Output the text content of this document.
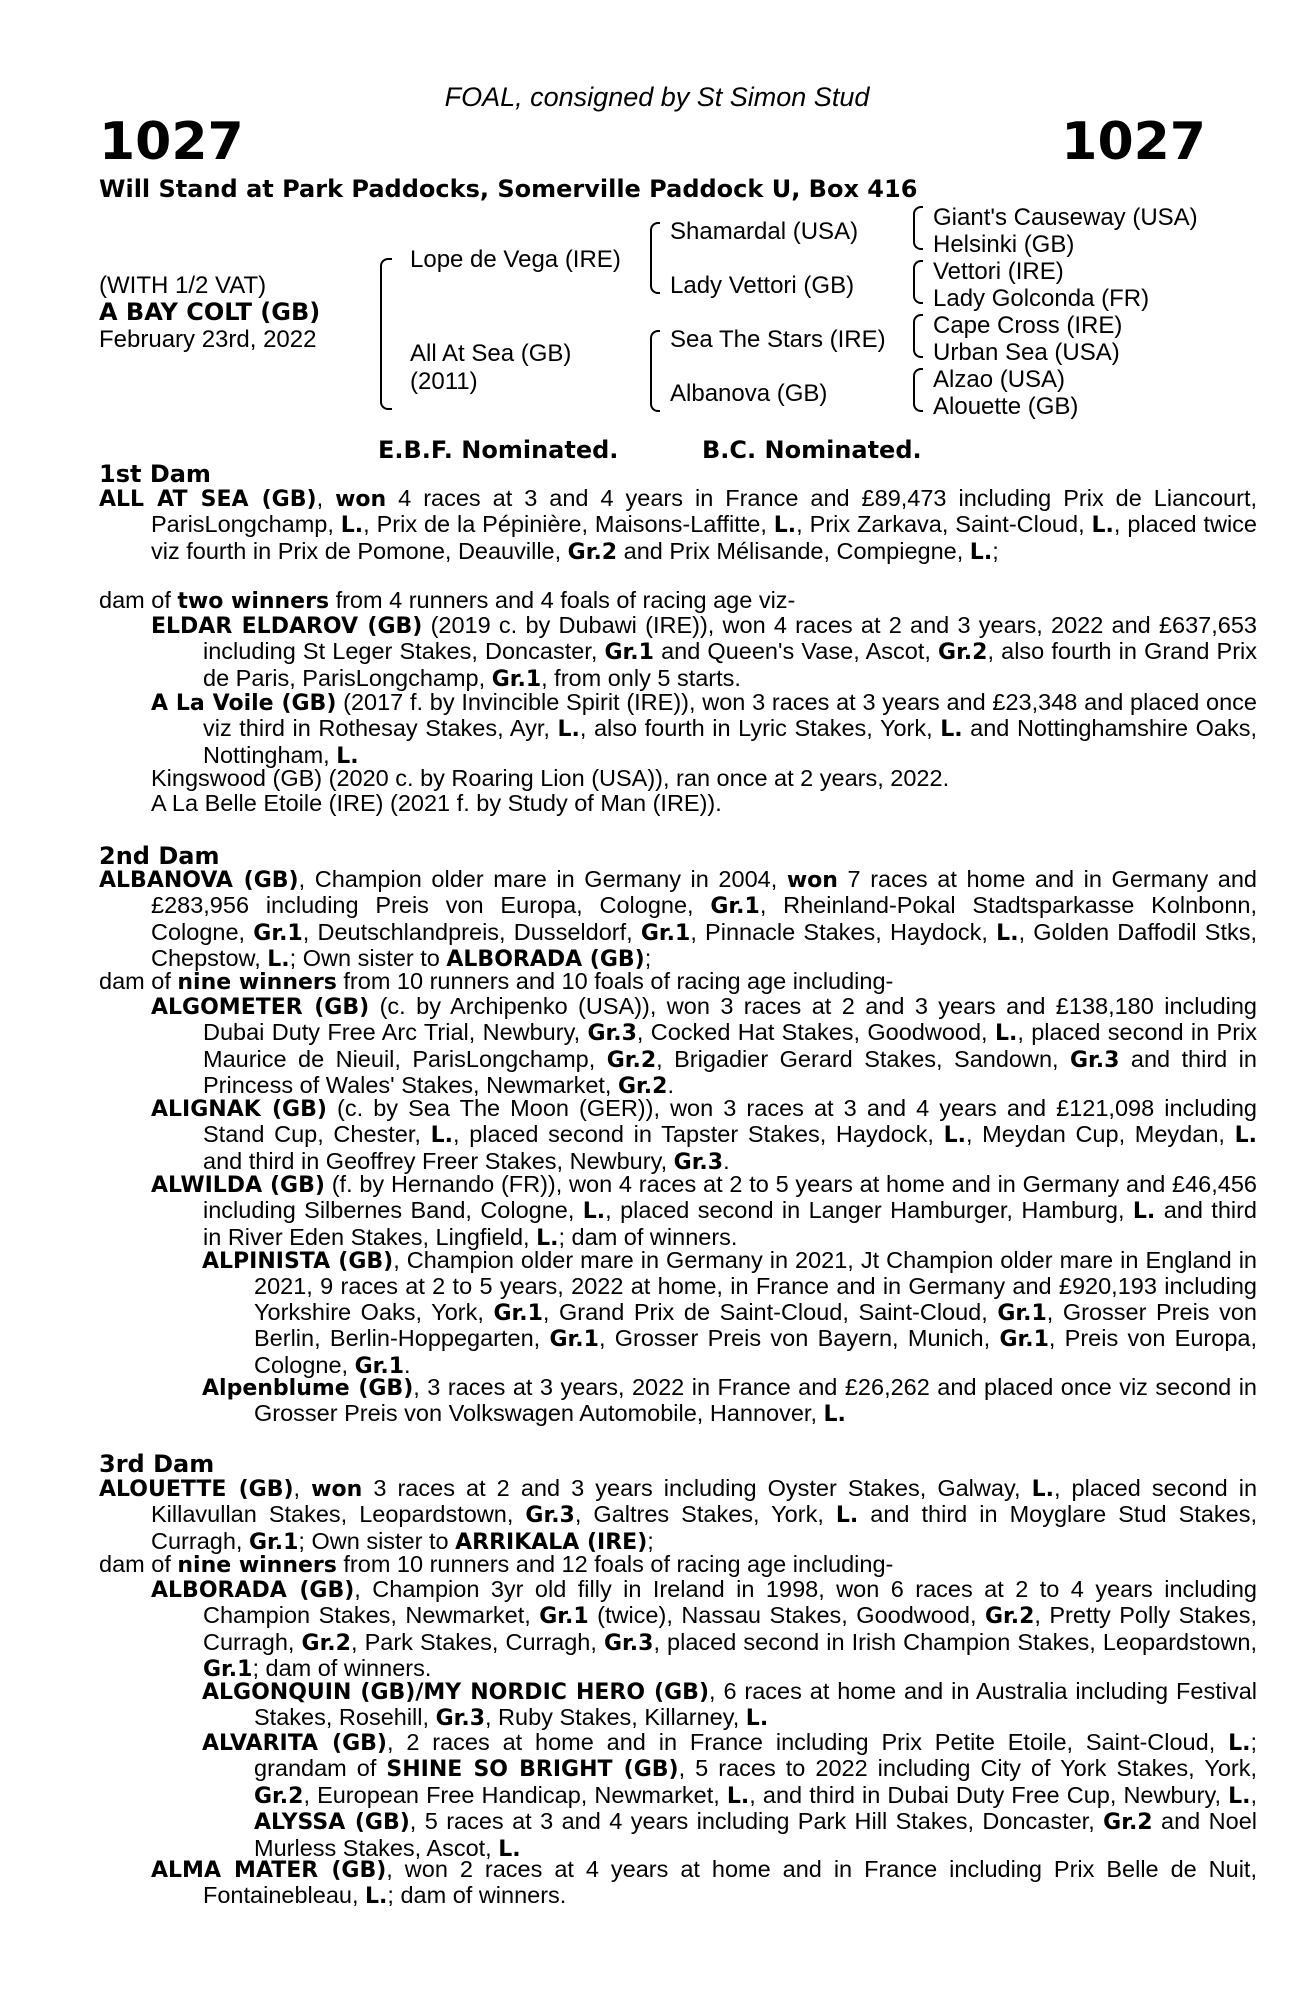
FOAL, consigned by St Simon Stud
1027	1027
Will Stand at Park Paddocks, Somerville Paddock U, Box 416
(WITH 1/2 VAT)
A BAY COLT (GB)
February 23rd, 2022
Lope de Vega (IRE)
All At Sea (GB)
(2011)
Shamardal (USA)
Lady Vettori (GB)
Sea The Stars (IRE)
Albanova (GB)
Giant's Causeway (USA)
Helsinki (GB)
Vettori (IRE)
Lady Golconda (FR)
Cape Cross (IRE)
Urban Sea (USA)
Alzao (USA)
Alouette (GB)
E.B.F. Nominated.	B.C. Nominated.
1st Dam
ALL AT SEA (GB), won 4 races at 3 and 4 years in France and £89,473 including Prix de Liancourt, ParisLongchamp, L., Prix de la Pépinière, Maisons-Laffitte, L., Prix Zarkava, Saint-Cloud, L., placed twice viz fourth in Prix de Pomone, Deauville, Gr.2 and Prix Mélisande, Compiegne, L.;
dam of two winners from 4 runners and 4 foals of racing age viz-
ELDAR ELDAROV (GB) (2019 c. by Dubawi (IRE)), won 4 races at 2 and 3 years, 2022 and £637,653 including St Leger Stakes, Doncaster, Gr.1 and Queen's Vase, Ascot, Gr.2, also fourth in Grand Prix de Paris, ParisLongchamp, Gr.1, from only 5 starts.
A La Voile (GB) (2017 f. by Invincible Spirit (IRE)), won 3 races at 3 years and £23,348 and placed once viz third in Rothesay Stakes, Ayr, L., also fourth in Lyric Stakes, York, L. and Nottinghamshire Oaks, Nottingham, L.
Kingswood (GB) (2020 c. by Roaring Lion (USA)), ran once at 2 years, 2022.
A La Belle Etoile (IRE) (2021 f. by Study of Man (IRE)).
2nd Dam
ALBANOVA (GB), Champion older mare in Germany in 2004, won 7 races at home and in Germany and £283,956 including Preis von Europa, Cologne, Gr.1, Rheinland-Pokal Stadtsparkasse Kolnbonn, Cologne, Gr.1, Deutschlandpreis, Dusseldorf, Gr.1, Pinnacle Stakes, Haydock, L., Golden Daffodil Stks, Chepstow, L.; Own sister to ALBORADA (GB);
dam of nine winners from 10 runners and 10 foals of racing age including-
ALGOMETER (GB) (c. by Archipenko (USA)), won 3 races at 2 and 3 years and £138,180 including Dubai Duty Free Arc Trial, Newbury, Gr.3, Cocked Hat Stakes, Goodwood, L., placed second in Prix Maurice de Nieuil, ParisLongchamp, Gr.2, Brigadier Gerard Stakes, Sandown, Gr.3 and third in Princess of Wales' Stakes, Newmarket, Gr.2.
ALIGNAK (GB) (c. by Sea The Moon (GER)), won 3 races at 3 and 4 years and £121,098 including Stand Cup, Chester, L., placed second in Tapster Stakes, Haydock, L., Meydan Cup, Meydan, L. and third in Geoffrey Freer Stakes, Newbury, Gr.3.
ALWILDA (GB) (f. by Hernando (FR)), won 4 races at 2 to 5 years at home and in Germany and £46,456 including Silbernes Band, Cologne, L., placed second in Langer Hamburger, Hamburg, L. and third in River Eden Stakes, Lingfield, L.; dam of winners.
ALPINISTA (GB), Champion older mare in Germany in 2021, Jt Champion older mare in England in 2021, 9 races at 2 to 5 years, 2022 at home, in France and in Germany and £920,193 including Yorkshire Oaks, York, Gr.1, Grand Prix de Saint-Cloud, Saint-Cloud, Gr.1, Grosser Preis von Berlin, Berlin-Hoppegarten, Gr.1, Grosser Preis von Bayern, Munich, Gr.1, Preis von Europa, Cologne, Gr.1.
Alpenblume (GB), 3 races at 3 years, 2022 in France and £26,262 and placed once viz second in Grosser Preis von Volkswagen Automobile, Hannover, L.
3rd Dam
ALOUETTE (GB), won 3 races at 2 and 3 years including Oyster Stakes, Galway, L., placed second in Killavullan Stakes, Leopardstown, Gr.3, Galtres Stakes, York, L. and third in Moyglare Stud Stakes, Curragh, Gr.1; Own sister to ARRIKALA (IRE);
dam of nine winners from 10 runners and 12 foals of racing age including-
ALBORADA (GB), Champion 3yr old filly in Ireland in 1998, won 6 races at 2 to 4 years including Champion Stakes, Newmarket, Gr.1 (twice), Nassau Stakes, Goodwood, Gr.2, Pretty Polly Stakes, Curragh, Gr.2, Park Stakes, Curragh, Gr.3, placed second in Irish Champion Stakes, Leopardstown, Gr.1; dam of winners.
ALGONQUIN (GB)/MY NORDIC HERO (GB), 6 races at home and in Australia including Festival Stakes, Rosehill, Gr.3, Ruby Stakes, Killarney, L.
ALVARITA (GB), 2 races at home and in France including Prix Petite Etoile, Saint-Cloud, L.; grandam of SHINE SO BRIGHT (GB), 5 races to 2022 including City of York Stakes, York, Gr.2, European Free Handicap, Newmarket, L., and third in Dubai Duty Free Cup, Newbury, L., ALYSSA (GB), 5 races at 3 and 4 years including Park Hill Stakes, Doncaster, Gr.2 and Noel Murless Stakes, Ascot, L.
ALMA MATER (GB), won 2 races at 4 years at home and in France including Prix Belle de Nuit, Fontainebleau, L.; dam of winners.
